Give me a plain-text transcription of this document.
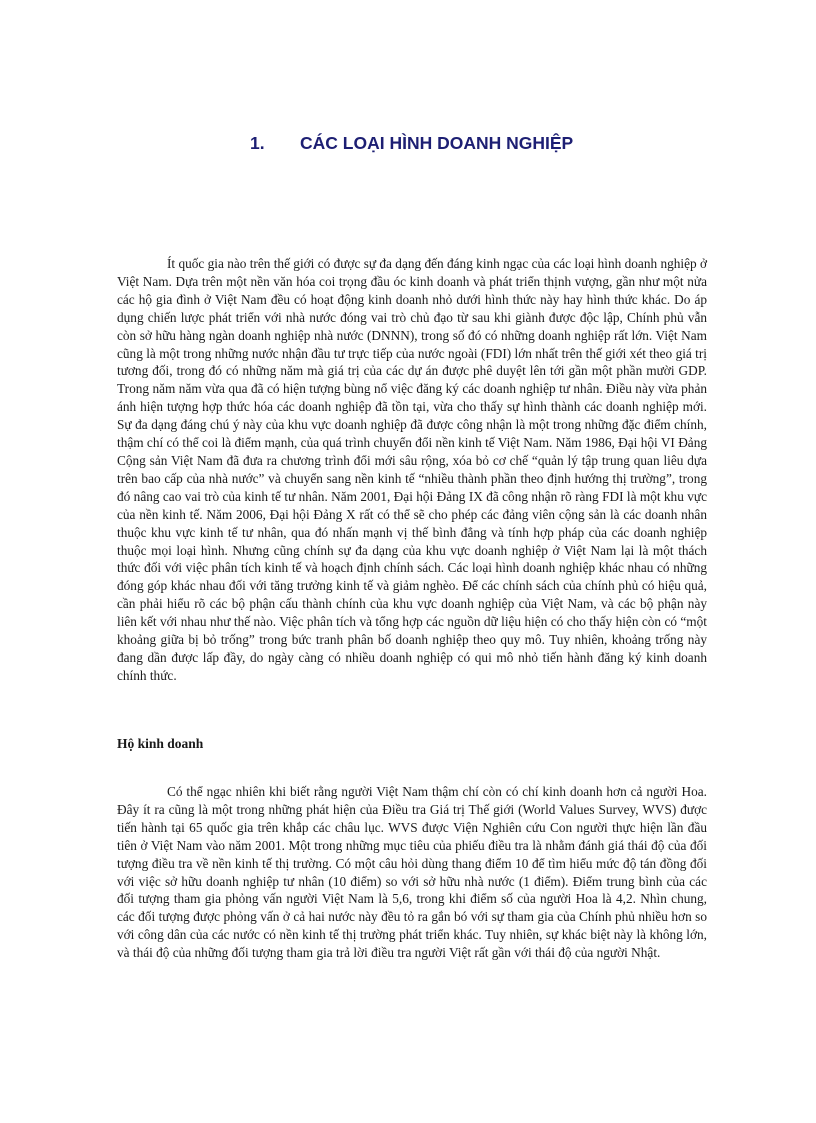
1. CÁC LOẠI HÌNH DOANH NGHIỆP

Ít quốc gia nào trên thế giới có được sự đa dạng đến đáng kinh ngạc của các loại hình doanh nghiệp ở Việt Nam. Dựa trên một nền văn hóa coi trọng đầu óc kinh doanh và phát triển thịnh vượng, gần như một nửa các hộ gia đình ở Việt Nam đều có hoạt động kinh doanh nhỏ dưới hình thức này hay hình thức khác. Do áp dụng chiến lược phát triển với nhà nước đóng vai trò chủ đạo từ sau khi giành được độc lập, Chính phủ vẫn còn sở hữu hàng ngàn doanh nghiệp nhà nước (DNNN), trong số đó có những doanh nghiệp rất lớn. Việt Nam cũng là một trong những nước nhận đầu tư trực tiếp của nước ngoài (FDI) lớn nhất trên thế giới xét theo giá trị tương đối, trong đó có những năm mà giá trị của các dự án được phê duyệt lên tới gần một phần mười GDP. Trong năm năm vừa qua đã có hiện tượng bùng nổ việc đăng ký các doanh nghiệp tư nhân. Điều này vừa phản ánh hiện tượng hợp thức hóa các doanh nghiệp đã tồn tại, vừa cho thấy sự hình thành các doanh nghiệp mới. Sự đa dạng đáng chú ý này của khu vực doanh nghiệp đã được công nhận là một trong những đặc điểm chính, thậm chí có thể coi là điểm mạnh, của quá trình chuyển đổi nền kinh tế Việt Nam. Năm 1986, Đại hội VI Đảng Cộng sản Việt Nam đã đưa ra chương trình đổi mới sâu rộng, xóa bỏ cơ chế “quản lý tập trung quan liêu dựa trên bao cấp của nhà nước” và chuyển sang nền kinh tế “nhiều thành phần theo định hướng thị trường”, trong đó nâng cao vai trò của kinh tế tư nhân. Năm 2001, Đại hội Đảng IX đã công nhận rõ ràng FDI là một khu vực của nền kinh tế. Năm 2006, Đại hội Đảng X rất có thể sẽ cho phép các đảng viên cộng sản là các doanh nhân thuộc khu vực kinh tế tư nhân, qua đó nhấn mạnh vị thế bình đẳng và tính hợp pháp của các doanh nghiệp thuộc mọi loại hình. Nhưng cũng chính sự đa dạng của khu vực doanh nghiệp ở Việt Nam lại là một thách thức đối với việc phân tích kinh tế và hoạch định chính sách. Các loại hình doanh nghiệp khác nhau có những đóng góp khác nhau đối với tăng trưởng kinh tế và giảm nghèo. Để các chính sách của chính phủ có hiệu quả, cần phải hiểu rõ các bộ phận cấu thành chính của khu vực doanh nghiệp của Việt Nam, và các bộ phận này liên kết với nhau như thế nào. Việc phân tích và tổng hợp các nguồn dữ liệu hiện có cho thấy hiện còn có “một khoảng giữa bị bỏ trống” trong bức tranh phân bố doanh nghiệp theo quy mô. Tuy nhiên, khoảng trống này đang dần được lấp đầy, do ngày càng có nhiều doanh nghiệp có qui mô nhỏ tiến hành đăng ký kinh doanh chính thức.

Hộ kinh doanh

Có thể ngạc nhiên khi biết rằng người Việt Nam thậm chí còn có chí kinh doanh hơn cả người Hoa. Đây ít ra cũng là một trong những phát hiện của Điều tra Giá trị Thế giới (World Values Survey, WVS) được tiến hành tại 65 quốc gia trên khắp các châu lục. WVS được Viện Nghiên cứu Con người thực hiện lần đầu tiên ở Việt Nam vào năm 2001. Một trong những mục tiêu của phiếu điều tra là nhằm đánh giá thái độ của đối tượng điều tra về nền kinh tế thị trường. Có một câu hỏi dùng thang điểm 10 để tìm hiểu mức độ tán đồng đối với việc sở hữu doanh nghiệp tư nhân (10 điểm) so với sở hữu nhà nước (1 điểm). Điểm trung bình của các đối tượng tham gia phỏng vấn người Việt Nam là 5,6, trong khi điểm số của người Hoa là 4,2. Nhìn chung, các đối tượng được phỏng vấn ở cả hai nước này đều tỏ ra gắn bó với sự tham gia của Chính phủ nhiều hơn so với công dân của các nước có nền kinh tế thị trường phát triển khác. Tuy nhiên, sự khác biệt này là không lớn, và thái độ của những đối tượng tham gia trả lời điều tra người Việt rất gần với thái độ của người Nhật.
